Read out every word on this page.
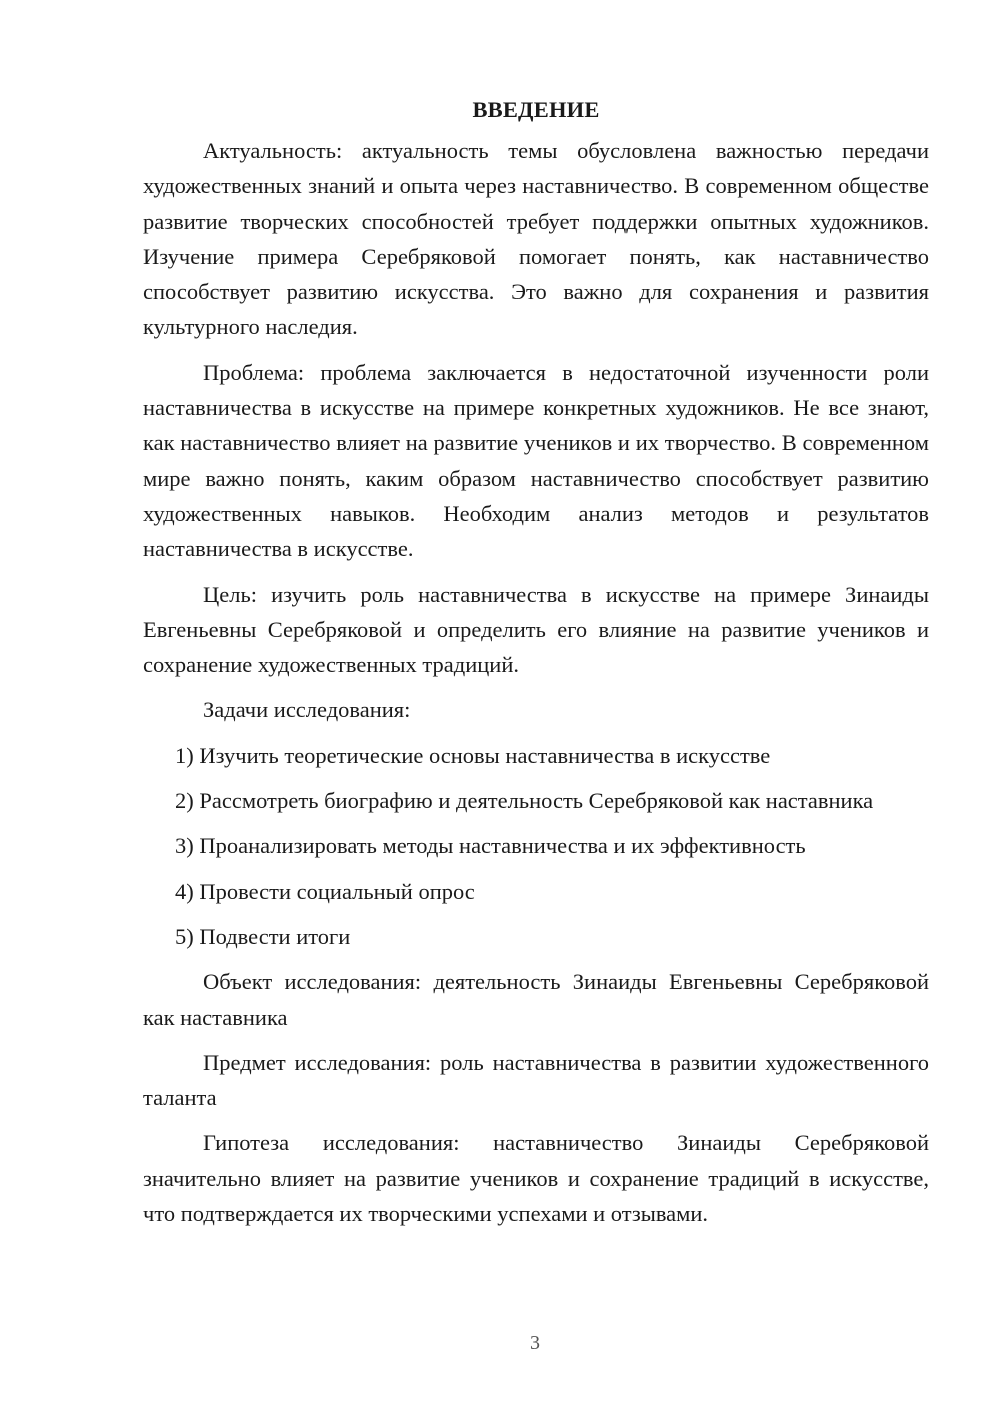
ВВЕДЕНИЕ

Актуальность: актуальность темы обусловлена важностью передачи художественных знаний и опыта через наставничество. В современном обществе развитие творческих способностей требует поддержки опытных художников. Изучение примера Серебряковой помогает понять, как наставничество способствует развитию искусства. Это важно для сохранения и развития культурного наследия.

Проблема: проблема заключается в недостаточной изученности роли наставничества в искусстве на примере конкретных художников. Не все знают, как наставничество влияет на развитие учеников и их творчество. В современном мире важно понять, каким образом наставничество способствует развитию художественных навыков. Необходим анализ методов и результатов наставничества в искусстве.

Цель: изучить роль наставничества в искусстве на примере Зинаиды Евгеньевны Серебряковой и определить его влияние на развитие учеников и сохранение художественных традиций.

Задачи исследования:

1) Изучить теоретические основы наставничества в искусстве

2) Рассмотреть биографию и деятельность Серебряковой как наставника

3) Проанализировать методы наставничества и их эффективность

4) Провести социальный опрос

5) Подвести итоги

Объект исследования: деятельность Зинаиды Евгеньевны Серебряковой как наставника

Предмет исследования: роль наставничества в развитии художественного таланта

Гипотеза исследования: наставничество Зинаиды Серебряковой значительно влияет на развитие учеников и сохранение традиций в искусстве, что подтверждается их творческими успехами и отзывами.

3
